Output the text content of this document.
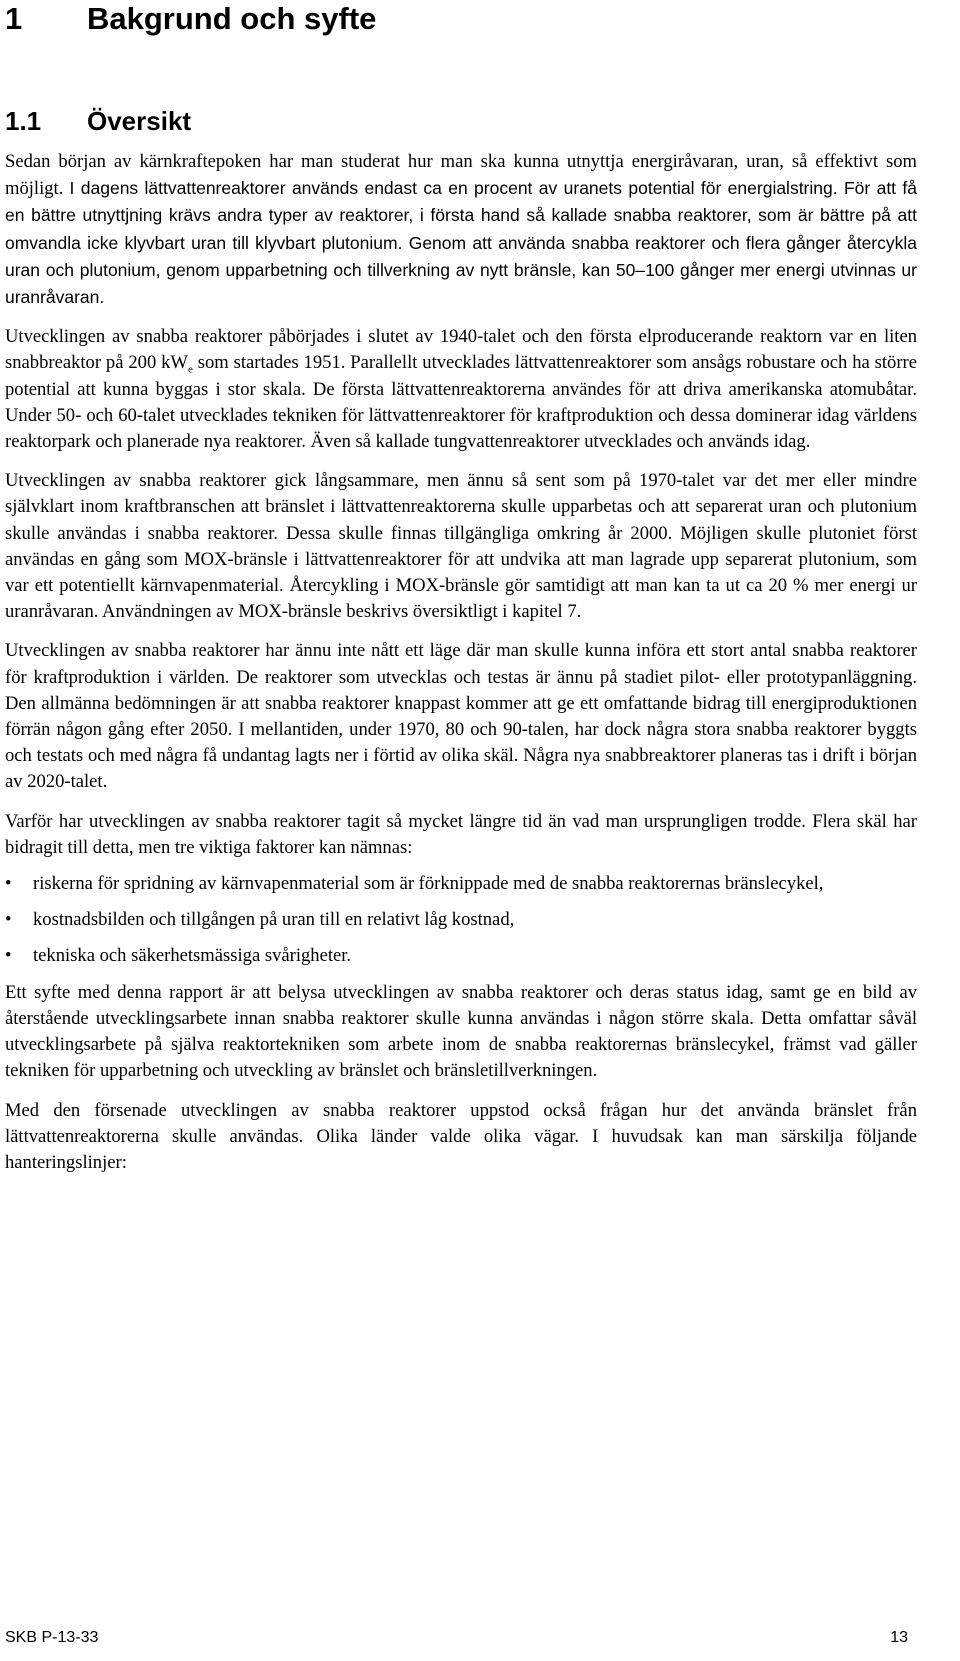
1 Bakgrund och syfte
1.1 Översikt

Sedan början av kärnkraftepoken har man studerat hur man ska kunna utnyttja energiråvaran, uran, så effektivt som möjligt. I dagens lättvattenreaktorer används endast ca en procent av uranets potential för energialstring. För att få en bättre utnyttjning krävs andra typer av reaktorer, i första hand så kallade snabba reaktorer, som är bättre på att omvandla icke klyvbart uran till klyvbart plutonium. Genom att använda snabba reaktorer och flera gånger återcykla uran och plutonium, genom upparbetning och tillverkning av nytt bränsle, kan 50–100 gånger mer energi utvinnas ur uranråvaran.

Utvecklingen av snabba reaktorer påbörjades i slutet av 1940-talet och den första elproducerande reaktorn var en liten snabbreaktor på 200 $kW_e$ som startades 1951. Parallellt utvecklades lättvattenreaktorer som ansågs robustare och ha större potential att kunna byggas i stor skala. De första lättvattenreaktorerna användes för att driva amerikanska atomubåtar. Under 50- och 60-talet utvecklades tekniken för lättvattenreaktorer för kraftproduktion och dessa dominerar idag världens reaktorpark och planerade nya reaktorer. Även så kallade tungvattenreaktorer utvecklades och används idag.

Utvecklingen av snabba reaktorer gick långsammare, men ännu så sent som på 1970-talet var det mer eller mindre självklart inom kraftbranschen att bränslet i lättvattenreaktorerna skulle upparbetas och att separerat uran och plutonium skulle användas i snabba reaktorer. Dessa skulle finnas tillgängliga omkring år 2000. Möjligen skulle plutoniet först användas en gång som MOX-bränsle i lättvattenreaktorer för att undvika att man lagrade upp separerat plutonium, som var ett potentiellt kärnvapenmaterial. Återcykling i MOX-bränsle gör samtidigt att man kan ta ut ca 20 % mer energi ur uranråvaran. Användningen av MOX-bränsle beskrivs översiktligt i kapitel 7.

Utvecklingen av snabba reaktorer har ännu inte nått ett läge där man skulle kunna införa ett stort antal snabba reaktorer för kraftproduktion i världen. De reaktorer som utvecklas och testas är ännu på stadiet pilot- eller prototypanläggning. Den allmänna bedömningen är att snabba reaktorer knappast kommer att ge ett omfattande bidrag till energiproduktionen förrän någon gång efter 2050. I mellantiden, under 1970, 80 och 90-talen, har dock några stora snabba reaktorer byggts och testats och med några få undantag lagts ner i förtid av olika skäl. Några nya snabbreaktorer planeras tas i drift i början av 2020-talet.

Varför har utvecklingen av snabba reaktorer tagit så mycket längre tid än vad man ursprungligen trodde. Flera skäl har bidragit till detta, men tre viktiga faktorer kan nämnas:

• riskerna för spridning av kärnvapenmaterial som är förknippade med de snabba reaktorernas bränslecykel,
• kostnadsbilden och tillgången på uran till en relativt låg kostnad,
• tekniska och säkerhetsmässiga svårigheter.

Ett syfte med denna rapport är att belysa utvecklingen av snabba reaktorer och deras status idag, samt ge en bild av återstående utvecklingsarbete innan snabba reaktorer skulle kunna användas i någon större skala. Detta omfattar såväl utvecklingsarbete på själva reaktortekniken som arbete inom de snabba reaktorernas bränslecykel, främst vad gäller tekniken för upparbetning och utveckling av bränslet och bränsletillverkningen.

Med den försenade utvecklingen av snabba reaktorer uppstod också frågan hur det använda bränslet från lättvattenreaktorerna skulle användas. Olika länder valde olika vägar. I huvudsak kan man särskilja följande hanteringslinjer:

SKB P-13-33	13
